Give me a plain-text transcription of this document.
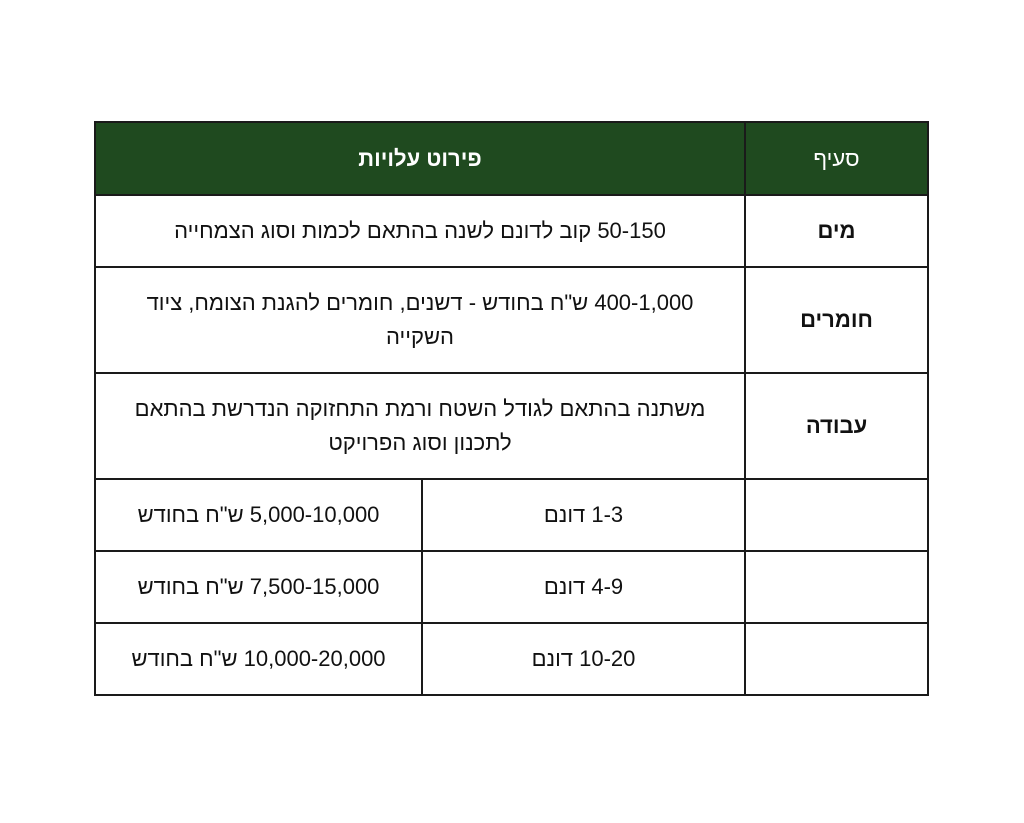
סעיף	פירוט עלויות	
מים	50-150 קוב לדונם לשנה בהתאם לכמות וסוג הצמחייה	
חומרים	400-1,000 ש"ח בחודש - דשנים, חומרים להגנת הצומח, ציוד השקייה	
עבודה	משתנה בהתאם לגודל השטח ורמת התחזוקה הנדרשת בהתאם לתכנון וסוג הפרויקט	
	1-3 דונם	5,000-10,000 ש"ח בחודש
	4-9 דונם	7,500-15,000 ש"ח בחודש
	10-20 דונם	10,000-20,000 ש"ח בחודש
